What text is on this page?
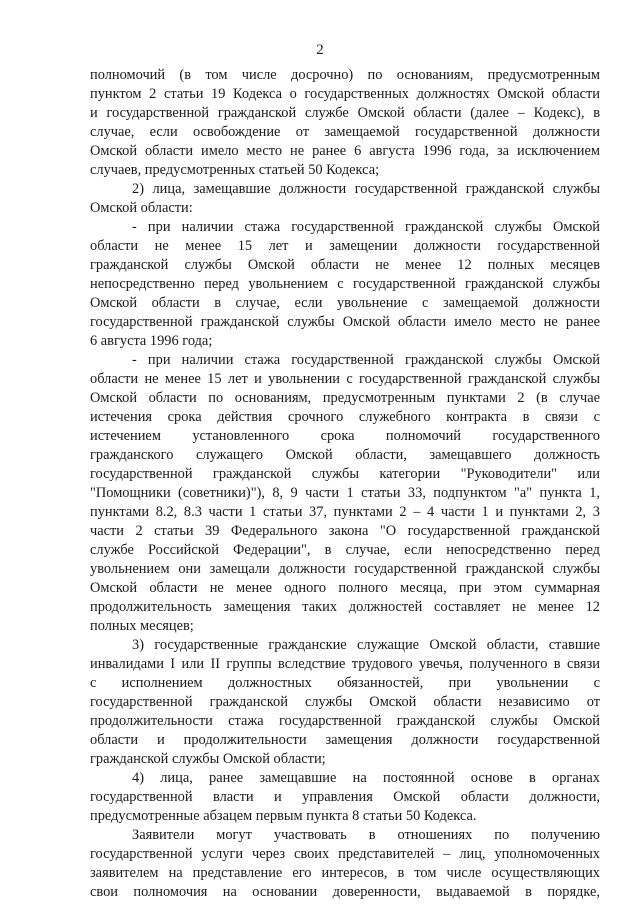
2
полномочий (в том числе досрочно) по основаниям, предусмотренным
пунктом 2 статьи 19 Кодекса о государственных должностях Омской области
и государственной гражданской службе Омской области (далее – Кодекс), в
случае, если освобождение от замещаемой государственной должности
Омской области имело место не ранее 6 августа 1996 года, за исключением
случаев, предусмотренных статьей 50 Кодекса;
2) лица, замещавшие должности государственной гражданской службы
Омской области:
- при наличии стажа государственной гражданской службы Омской
области не менее 15 лет и замещении должности государственной
гражданской службы Омской области не менее 12 полных месяцев
непосредственно перед увольнением с государственной гражданской службы
Омской области в случае, если увольнение с замещаемой должности
государственной гражданской службы Омской области имело место не ранее
6 августа 1996 года;
- при наличии стажа государственной гражданской службы Омской
области не менее 15 лет и увольнении с государственной гражданской службы
Омской области по основаниям, предусмотренным пунктами 2 (в случае
истечения срока действия срочного служебного контракта в связи с
истечением установленного срока полномочий государственного
гражданского служащего Омской области, замещавшего должность
государственной гражданской службы категории "Руководители" или
"Помощники (советники)"), 8, 9 части 1 статьи 33, подпунктом "а" пункта 1,
пунктами 8.2, 8.3 части 1 статьи 37, пунктами 2 – 4 части 1 и пунктами 2, 3
части 2 статьи 39 Федерального закона "О государственной гражданской
службе Российской Федерации", в случае, если непосредственно перед
увольнением они замещали должности государственной гражданской службы
Омской области не менее одного полного месяца, при этом суммарная
продолжительность замещения таких должностей составляет не менее 12
полных месяцев;
3) государственные гражданские служащие Омской области, ставшие
инвалидами I или II группы вследствие трудового увечья, полученного в связи
с исполнением должностных обязанностей, при увольнении с
государственной гражданской службы Омской области независимо от
продолжительности стажа государственной гражданской службы Омской
области и продолжительности замещения должности государственной
гражданской службы Омской области;
4) лица, ранее замещавшие на постоянной основе в органах
государственной власти и управления Омской области должности,
предусмотренные абзацем первым пункта 8 статьи 50 Кодекса.
Заявители могут участвовать в отношениях по получению
государственной услуги через своих представителей – лиц, уполномоченных
заявителем на представление его интересов, в том числе осуществляющих
свои полномочия на основании доверенности, выдаваемой в порядке,
